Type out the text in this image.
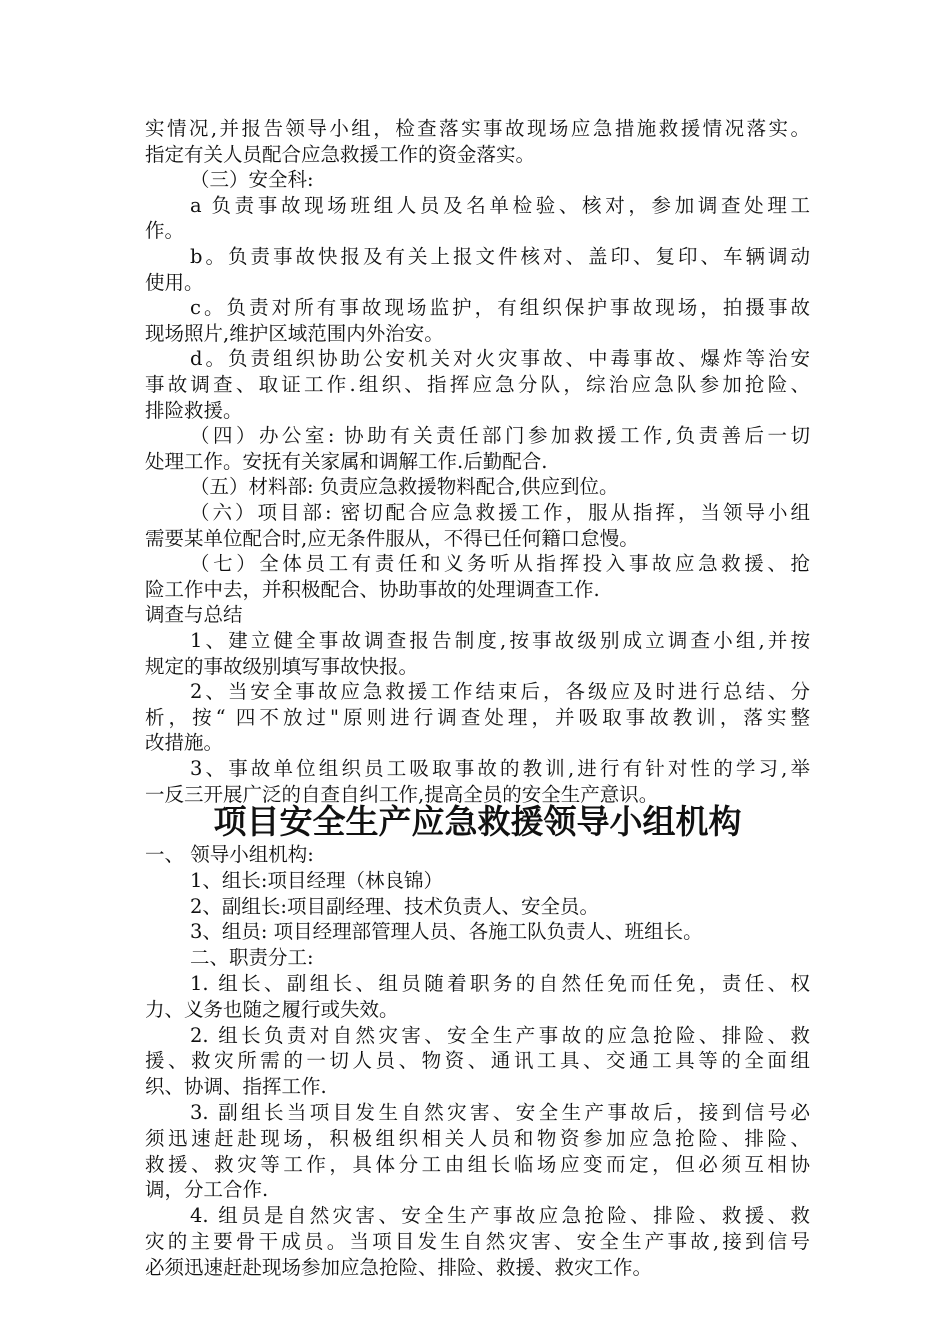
实情况,并报告领导小组，检查落实事故现场应急措施救援情况落实。
指定有关人员配合应急救援工作的资金落实。
（三）安全科:
a 负责事故现场班组人员及名单检验、核对，参加调查处理工
作。
b。负责事故快报及有关上报文件核对、盖印、复印、车辆调动
使用。
c。负责对所有事故现场监护，有组织保护事故现场，拍摄事故
现场照片,维护区域范围内外治安。
d。负责组织协助公安机关对火灾事故、中毒事故、爆炸等治安
事故调查、取证工作.组织、指挥应急分队，综治应急队参加抢险、
排险救援。
（四）办公室: 协助有关责任部门参加救援工作,负责善后一切
处理工作。安抚有关家属和调解工作.后勤配合.
（五）材料部: 负责应急救援物料配合,供应到位。
（六）项目部: 密切配合应急救援工作，服从指挥，当领导小组
需要某单位配合时,应无条件服从，不得已任何籍口怠慢。
（七）全体员工有责任和义务听从指挥投入事故应急救援、抢
险工作中去，并积极配合、协助事故的处理调查工作.
调查与总结
1、建立健全事故调查报告制度,按事故级别成立调查小组,并按
规定的事故级别填写事故快报。
2、当安全事故应急救援工作结束后，各级应及时进行总结、分
析，按“ 四不放过"原则进行调查处理，并吸取事故教训，落实整
改措施。
3、事故单位组织员工吸取事故的教训,进行有针对性的学习,举
一反三开展广泛的自查自纠工作,提高全员的安全生产意识。
项目安全生产应急救援领导小组机构
一、 领导小组机构:
1、组长:项目经理（林良锦）
2、副组长:项目副经理、技术负责人、安全员。
3、组员: 项目经理部管理人员、各施工队负责人、班组长。
二、职责分工:
1. 组长、副组长、组员随着职务的自然任免而任免，责任、权
力、义务也随之履行或失效。
2. 组长负责对自然灾害、安全生产事故的应急抢险、排险、救
援、救灾所需的一切人员、物资、通讯工具、交通工具等的全面组
织、协调、指挥工作.
3. 副组长当项目发生自然灾害、安全生产事故后，接到信号必
须迅速赶赴现场，积极组织相关人员和物资参加应急抢险、排险、
救援、救灾等工作，具体分工由组长临场应变而定，但必须互相协
调，分工合作.
4. 组员是自然灾害、安全生产事故应急抢险、排险、救援、救
灾的主要骨干成员。当项目发生自然灾害、安全生产事故,接到信号
必须迅速赶赴现场参加应急抢险、排险、救援、救灾工作。
